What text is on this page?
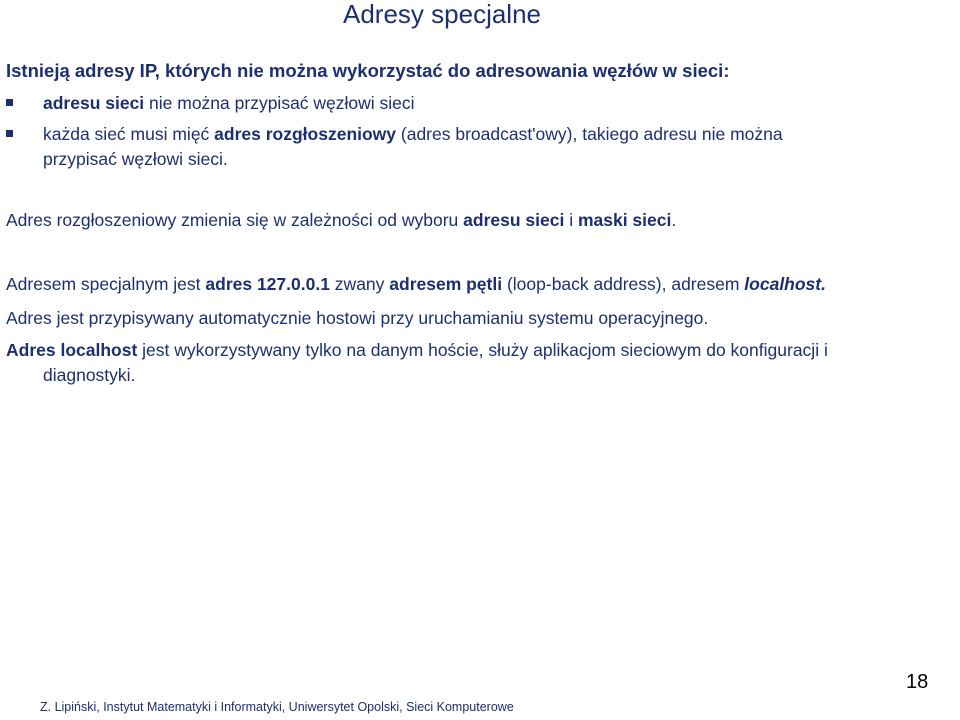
Adresy specjalne
Istnieją adresy IP, których nie można wykorzystać do adresowania węzłów w sieci:
adresu sieci nie można przypisać węzłowi sieci
każda sieć musi mięć adres rozgłoszeniowy (adres broadcast'owy), takiego adresu nie można
przypisać węzłowi sieci.
Adres rozgłoszeniowy zmienia się w zależności od wyboru adresu sieci i maski sieci.
Adresem specjalnym jest adres 127.0.0.1 zwany adresem pętli (loop-back address), adresem localhost.
Adres jest przypisywany automatycznie hostowi przy uruchamianiu systemu operacyjnego.
Adres localhost jest wykorzystywany tylko na danym hoście, służy aplikacjom sieciowym do konfiguracji i
diagnostyki.
Z. Lipiński, Instytut Matematyki i Informatyki, Uniwersytet Opolski, Sieci Komputerowe
18
